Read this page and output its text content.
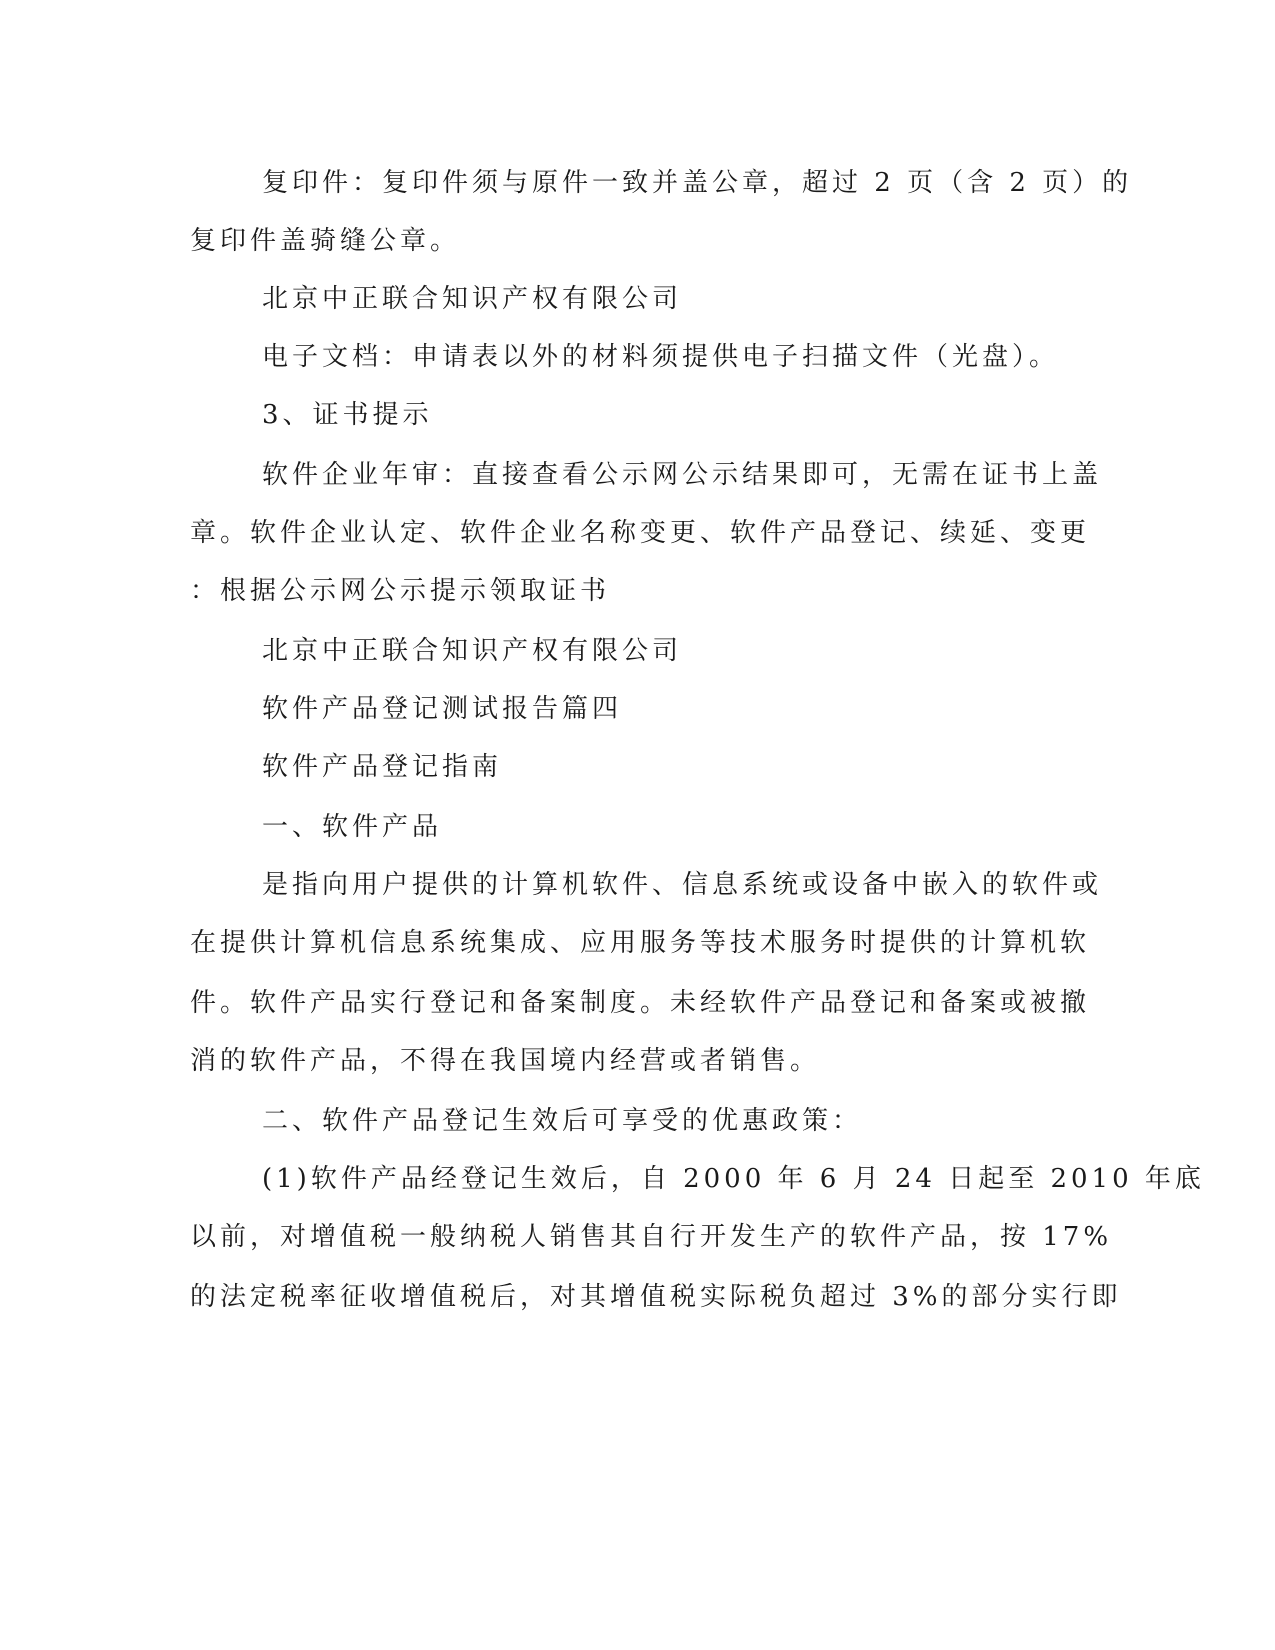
复印件：复印件须与原件一致并盖公章，超过 2 页（含 2 页）的
复印件盖骑缝公章。
北京中正联合知识产权有限公司
电子文档：申请表以外的材料须提供电子扫描文件（光盘）。
3、证书提示
软件企业年审：直接查看公示网公示结果即可，无需在证书上盖
章。软件企业认定、软件企业名称变更、软件产品登记、续延、变更
：根据公示网公示提示领取证书
北京中正联合知识产权有限公司
软件产品登记测试报告篇四
软件产品登记指南
一、软件产品
是指向用户提供的计算机软件、信息系统或设备中嵌入的软件或
在提供计算机信息系统集成、应用服务等技术服务时提供的计算机软
件。软件产品实行登记和备案制度。未经软件产品登记和备案或被撤
消的软件产品，不得在我国境内经营或者销售。
二、软件产品登记生效后可享受的优惠政策：
(1)软件产品经登记生效后，自 2000 年 6 月 24 日起至 2010 年底
以前，对增值税一般纳税人销售其自行开发生产的软件产品，按 17%
的法定税率征收增值税后，对其增值税实际税负超过 3%的部分实行即
